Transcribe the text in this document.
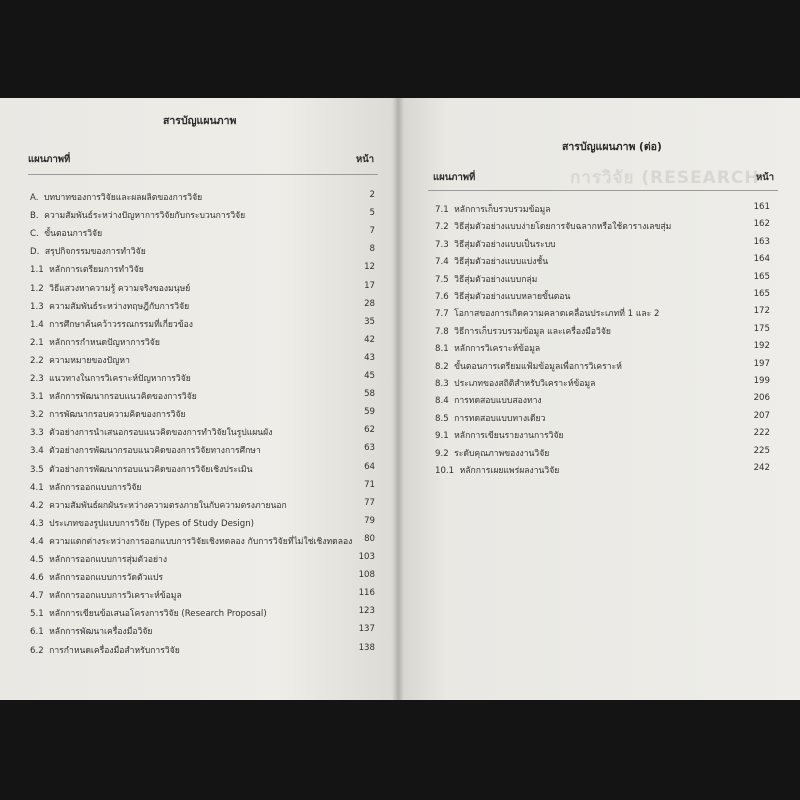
สารบัญแผนภาพ
แผนภาพที่	หน้า
A. บทบาทของการวิจัยและผลผลิตของการวิจัย	2
B. ความสัมพันธ์ระหว่างปัญหาการวิจัยกับกระบวนการวิจัย	5
C. ขั้นตอนการวิจัย	7
D. สรุปกิจกรรมของการทำวิจัย	8
1.1 หลักการเตรียมการทำวิจัย	12
1.2 วิธีแสวงหาความรู้ ความจริงของมนุษย์	17
1.3 ความสัมพันธ์ระหว่างทฤษฎีกับการวิจัย	28
1.4 การศึกษาค้นคว้าวรรณกรรมที่เกี่ยวข้อง	35
2.1 หลักการกำหนดปัญหาการวิจัย	42
2.2 ความหมายของปัญหา	43
2.3 แนวทางในการวิเคราะห์ปัญหาการวิจัย	45
3.1 หลักการพัฒนากรอบแนวคิดของการวิจัย	58
3.2 การพัฒนากรอบความคิดของการวิจัย	59
3.3 ตัวอย่างการนำเสนอกรอบแนวคิดของการทำวิจัยในรูปแผนผัง	62
3.4 ตัวอย่างการพัฒนากรอบแนวคิดของการวิจัยทางการศึกษา	63
3.5 ตัวอย่างการพัฒนากรอบแนวคิดของการวิจัยเชิงประเมิน	64
4.1 หลักการออกแบบการวิจัย	71
4.2 ความสัมพันธ์ผกผันระหว่างความตรงภายในกับความตรงภายนอก	77
4.3 ประเภทของรูปแบบการวิจัย (Types of Study Design)	79
4.4 ความแตกต่างระหว่างการออกแบบการวิจัยเชิงทดลอง กับการวิจัยที่ไม่ใช่เชิงทดลอง	80
4.5 หลักการออกแบบการสุ่มตัวอย่าง	103
4.6 หลักการออกแบบการวัดตัวแปร	108
4.7 หลักการออกแบบการวิเคราะห์ข้อมูล	116
5.1 หลักการเขียนข้อเสนอโครงการวิจัย (Research Proposal)	123
6.1 หลักการพัฒนาเครื่องมือวิจัย	137
6.2 การกำหนดเครื่องมือสำหรับการวิจัย	138
การวิจัย (RESEARCH
สารบัญแผนภาพ (ต่อ)
แผนภาพที่	หน้า
7.1 หลักการเก็บรวบรวมข้อมูล	161
7.2 วิธีสุ่มตัวอย่างแบบง่ายโดยการจับฉลากหรือใช้ตารางเลขสุ่ม	162
7.3 วิธีสุ่มตัวอย่างแบบเป็นระบบ	163
7.4 วิธีสุ่มตัวอย่างแบบแบ่งชั้น	164
7.5 วิธีสุ่มตัวอย่างแบบกลุ่ม	165
7.6 วิธีสุ่มตัวอย่างแบบหลายขั้นตอน	165
7.7 โอกาสของการเกิดความคลาดเคลื่อนประเภทที่ 1 และ 2	172
7.8 วิธีการเก็บรวบรวมข้อมูล และเครื่องมือวิจัย	175
8.1 หลักการวิเคราะห์ข้อมูล	192
8.2 ขั้นตอนการเตรียมแฟ้มข้อมูลเพื่อการวิเคราะห์	197
8.3 ประเภทของสถิติสำหรับวิเคราะห์ข้อมูล	199
8.4 การทดสอบแบบสองทาง	206
8.5 การทดสอบแบบทางเดียว	207
9.1 หลักการเขียนรายงานการวิจัย	222
9.2 ระดับคุณภาพของงานวิจัย	225
10.1 หลักการเผยแพร่ผลงานวิจัย	242
